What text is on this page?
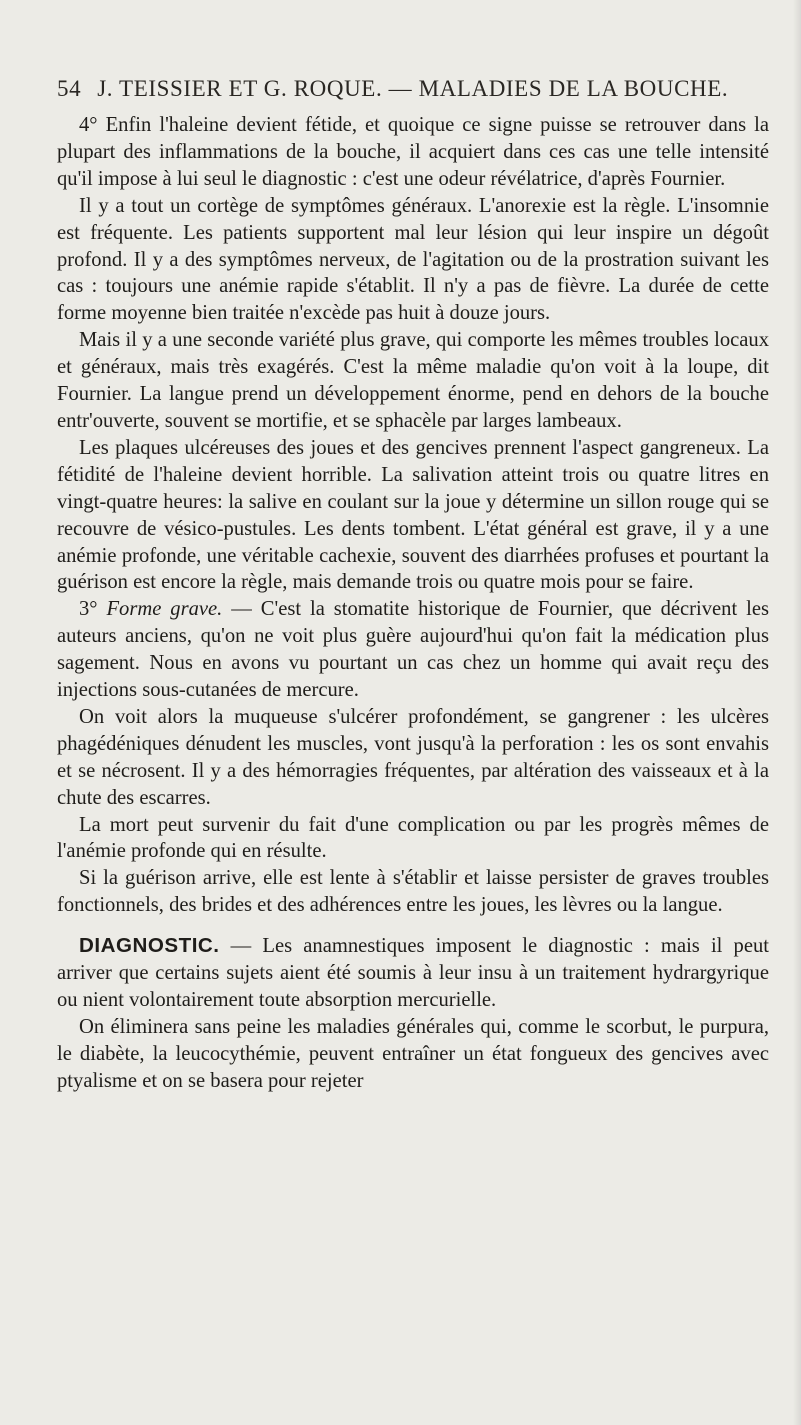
54 J. TEISSIER ET G. ROQUE. — MALADIES DE LA BOUCHE.

4° Enfin l'haleine devient fétide, et quoique ce signe puisse se retrouver dans la plupart des inflammations de la bouche, il acquiert dans ces cas une telle intensité qu'il impose à lui seul le diagnostic : c'est une odeur révélatrice, d'après Fournier.

Il y a tout un cortège de symptômes généraux. L'anorexie est la règle. L'insomnie est fréquente. Les patients supportent mal leur lésion qui leur inspire un dégoût profond. Il y a des symptômes nerveux, de l'agitation ou de la prostration suivant les cas : toujours une anémie rapide s'établit. Il n'y a pas de fièvre. La durée de cette forme moyenne bien traitée n'excède pas huit à douze jours.

Mais il y a une seconde variété plus grave, qui comporte les mêmes troubles locaux et généraux, mais très exagérés. C'est la même maladie qu'on voit à la loupe, dit Fournier. La langue prend un développement énorme, pend en dehors de la bouche entr'ouverte, souvent se mortifie, et se sphacèle par larges lambeaux.

Les plaques ulcéreuses des joues et des gencives prennent l'aspect gangreneux. La fétidité de l'haleine devient horrible. La salivation atteint trois ou quatre litres en vingt-quatre heures: la salive en coulant sur la joue y détermine un sillon rouge qui se recouvre de vésico-pustules. Les dents tombent. L'état général est grave, il y a une anémie profonde, une véritable cachexie, souvent des diarrhées profuses et pourtant la guérison est encore la règle, mais demande trois ou quatre mois pour se faire.

3° Forme grave. — C'est la stomatite historique de Fournier, que décrivent les auteurs anciens, qu'on ne voit plus guère aujourd'hui qu'on fait la médication plus sagement. Nous en avons vu pourtant un cas chez un homme qui avait reçu des injections sous-cutanées de mercure.

On voit alors la muqueuse s'ulcérer profondément, se gangrener : les ulcères phagédéniques dénudent les muscles, vont jusqu'à la perforation : les os sont envahis et se nécrosent. Il y a des hémorragies fréquentes, par altération des vaisseaux et à la chute des escarres.

La mort peut survenir du fait d'une complication ou par les progrès mêmes de l'anémie profonde qui en résulte.

Si la guérison arrive, elle est lente à s'établir et laisse persister de graves troubles fonctionnels, des brides et des adhérences entre les joues, les lèvres ou la langue.

DIAGNOSTIC. — Les anamnestiques imposent le diagnostic : mais il peut arriver que certains sujets aient été soumis à leur insu à un traitement hydrargyrique ou nient volontairement toute absorption mercurielle.

On éliminera sans peine les maladies générales qui, comme le scorbut, le purpura, le diabète, la leucocythémie, peuvent entraîner un état fongueux des gencives avec ptyalisme et on se basera pour rejeter
